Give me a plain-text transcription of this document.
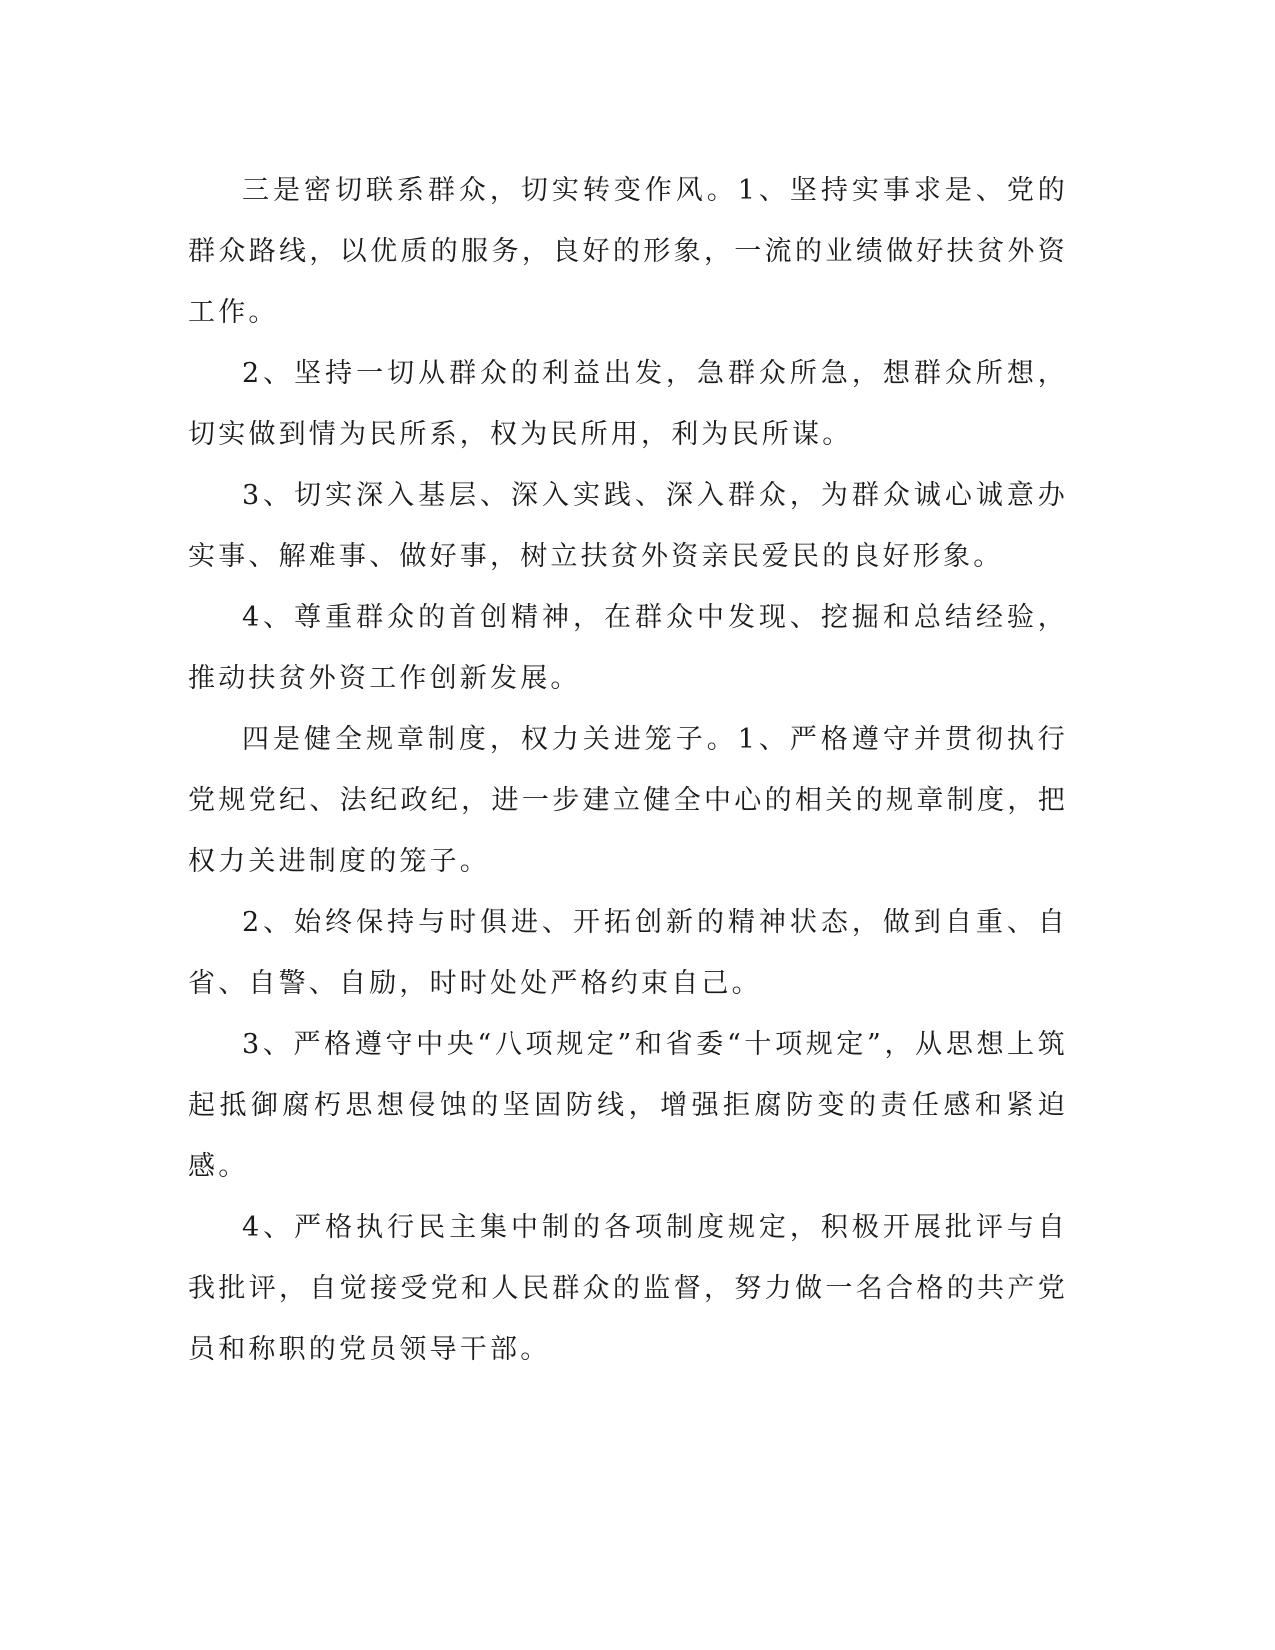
三是密切联系群众，切实转变作风。1、坚持实事求是、党的群众路线，以优质的服务，良好的形象，一流的业绩做好扶贫外资工作。

2、坚持一切从群众的利益出发，急群众所急，想群众所想，切实做到情为民所系，权为民所用，利为民所谋。

3、切实深入基层、深入实践、深入群众，为群众诚心诚意办实事、解难事、做好事，树立扶贫外资亲民爱民的良好形象。

4、尊重群众的首创精神，在群众中发现、挖掘和总结经验，推动扶贫外资工作创新发展。

四是健全规章制度，权力关进笼子。1、严格遵守并贯彻执行党规党纪、法纪政纪，进一步建立健全中心的相关的规章制度，把权力关进制度的笼子。

2、始终保持与时俱进、开拓创新的精神状态，做到自重、自省、自警、自励，时时处处严格约束自己。

3、严格遵守中央“八项规定”和省委“十项规定”，从思想上筑起抵御腐朽思想侵蚀的坚固防线，增强拒腐防变的责任感和紧迫感。

4、严格执行民主集中制的各项制度规定，积极开展批评与自我批评，自觉接受党和人民群众的监督，努力做一名合格的共产党员和称职的党员领导干部。
